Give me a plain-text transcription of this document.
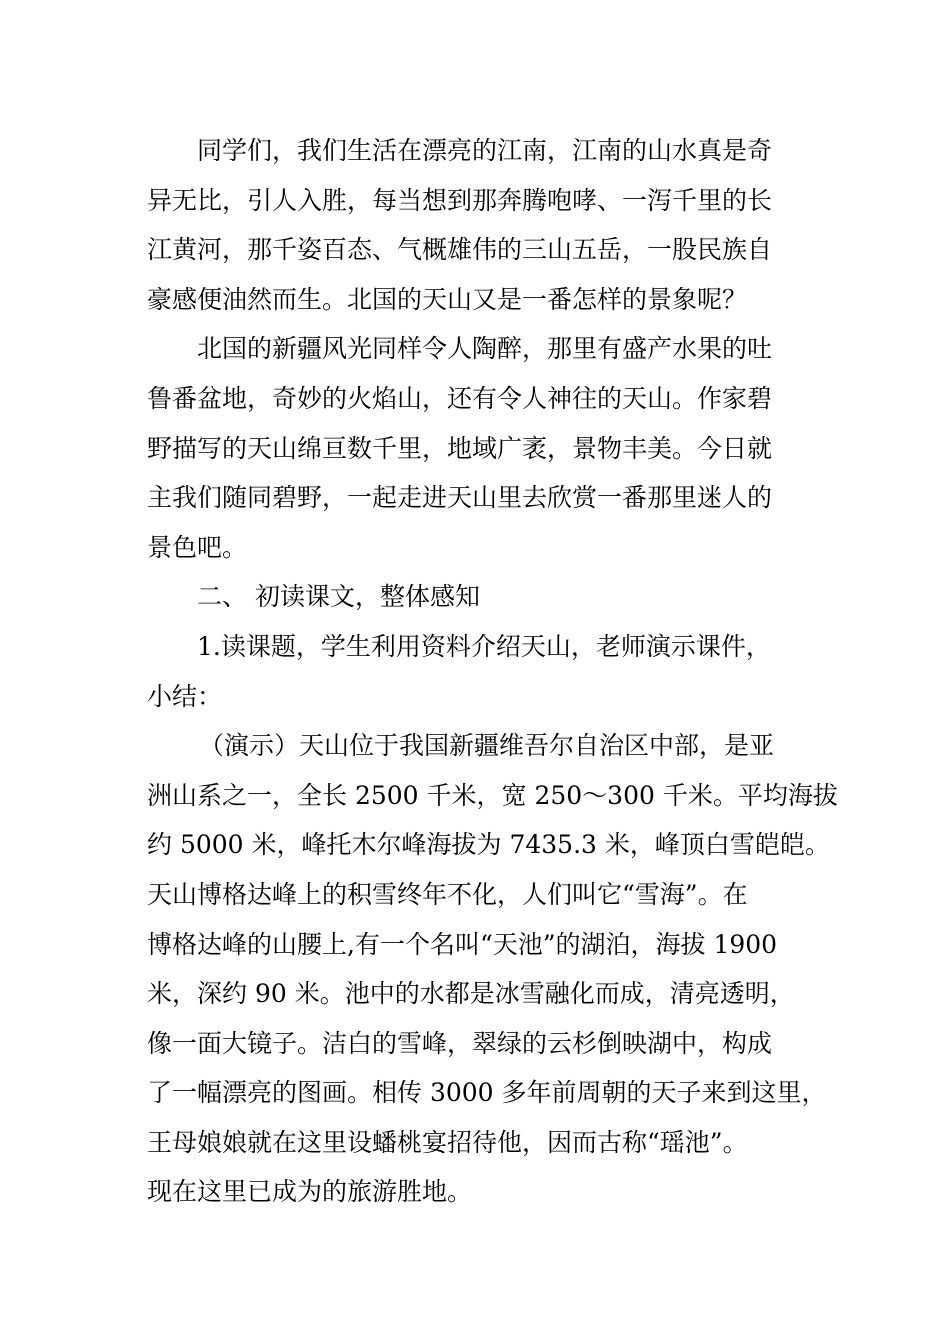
同学们，我们生活在漂亮的江南，江南的山水真是奇
异无比，引人入胜，每当想到那奔腾咆哮、一泻千里的长
江黄河，那千姿百态、气概雄伟的三山五岳，一股民族自
豪感便油然而生。北国的天山又是一番怎样的景象呢？
北国的新疆风光同样令人陶醉，那里有盛产水果的吐
鲁番盆地，奇妙的火焰山，还有令人神往的天山。作家碧
野描写的天山绵亘数千里，地域广袤，景物丰美。今日就
主我们随同碧野，一起走进天山里去欣赏一番那里迷人的
景色吧。
二、 初读课文，整体感知
1.读课题，学生利用资料介绍天山，老师演示课件，
小结：
（演示）天山位于我国新疆维吾尔自治区中部，是亚
洲山系之一，全长 2500 千米，宽 250～300 千米。平均海拔
约 5000 米，峰托木尔峰海拔为 7435.3 米，峰顶白雪皑皑。
天山博格达峰上的积雪终年不化，人们叫它“雪海”。在
博格达峰的山腰上,有一个名叫“天池”的湖泊，海拔 1900
米，深约 90 米。池中的水都是冰雪融化而成，清亮透明，
像一面大镜子。洁白的雪峰，翠绿的云杉倒映湖中，构成
了一幅漂亮的图画。相传 3000 多年前周朝的天子来到这里，
王母娘娘就在这里设蟠桃宴招待他，因而古称“瑶池”。
现在这里已成为的旅游胜地。
